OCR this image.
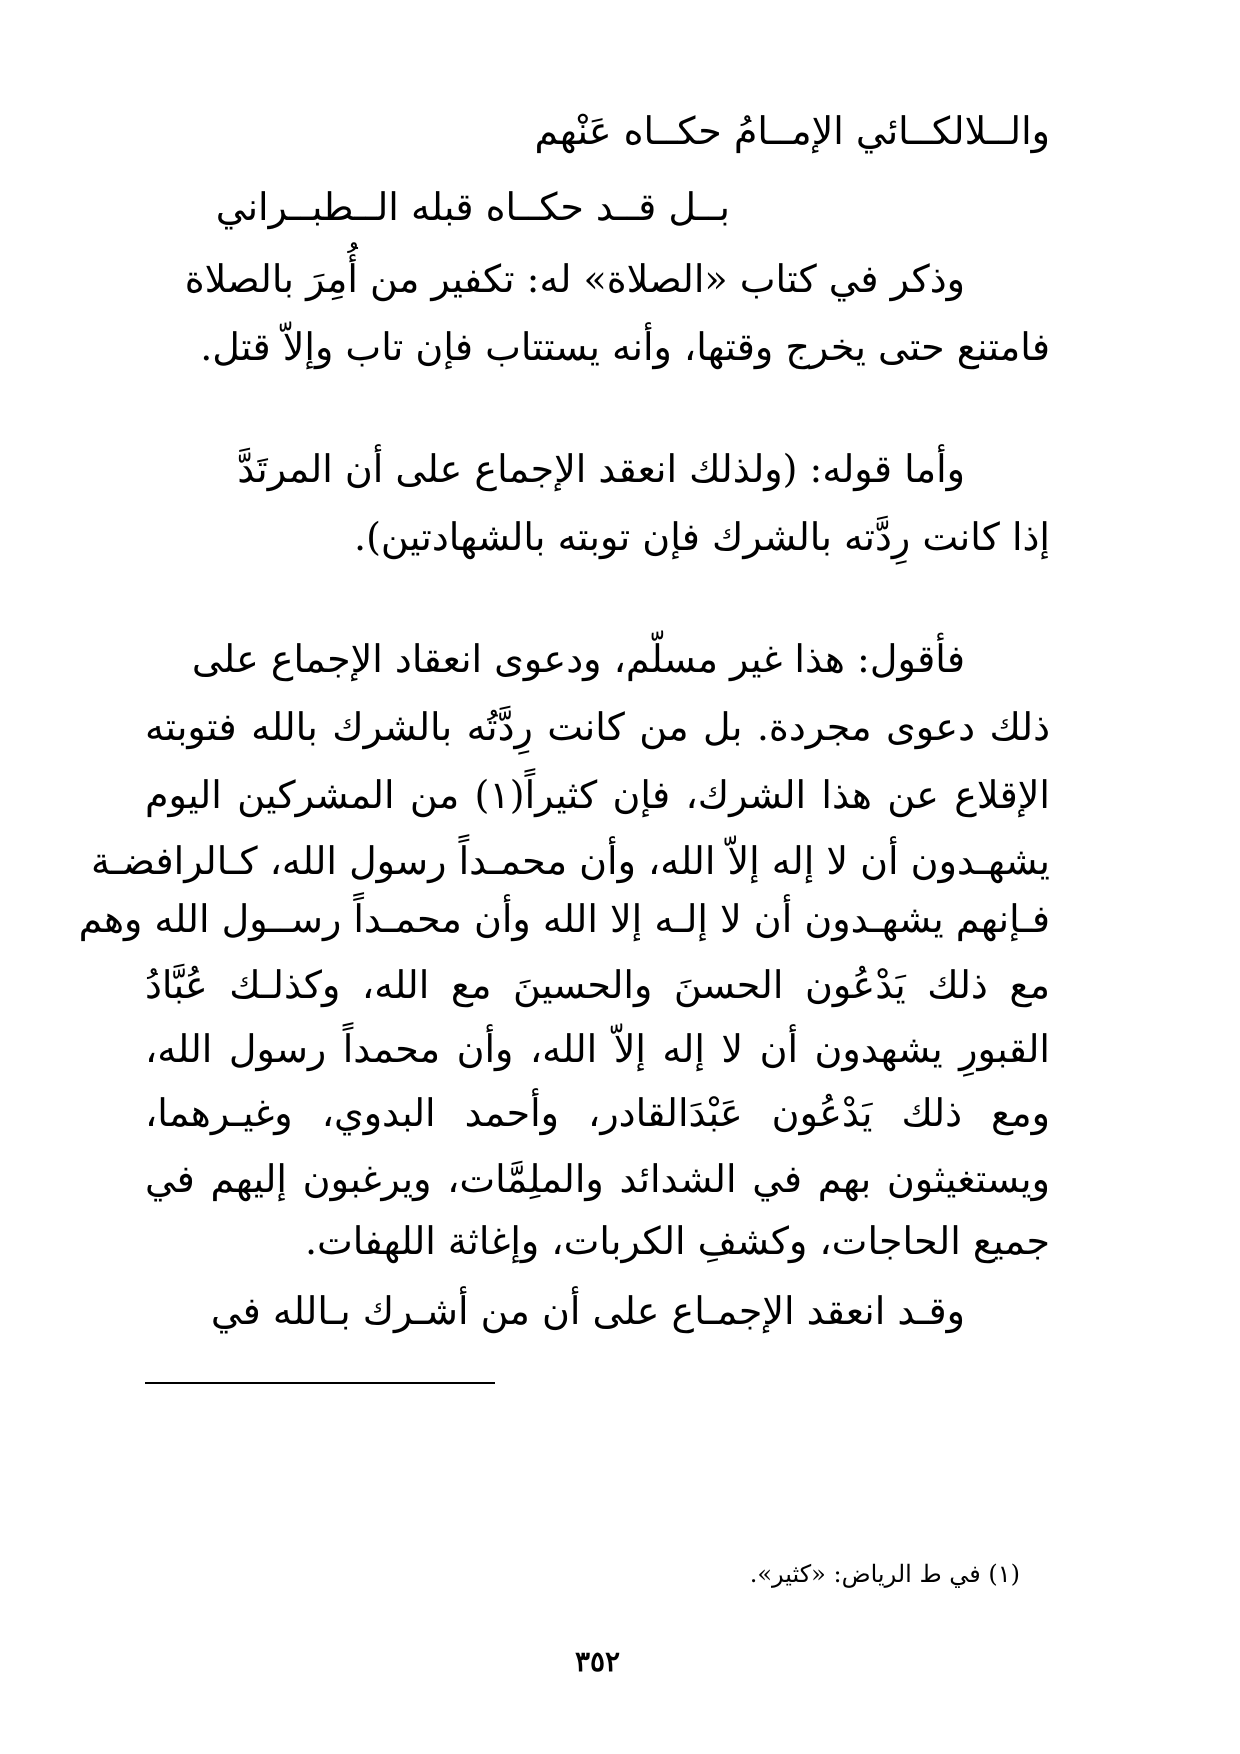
والــلالكــائي الإمــامُ حكــاه عَنْهم
بــل قــد حكــاه قبله الــطبــراني
وذكر في كتاب «الصلاة» له: تكفير من أُمِرَ بالصلاة
فامتنع حتى يخرج وقتها، وأنه يستتاب فإن تاب وإلاّ قتل.
وأما قوله: (ولذلك انعقد الإجماع على أن المرتَدَّ
إذا كانت رِدَّته بالشرك فإن توبته بالشهادتين).
فأقول: هذا غير مسلّم، ودعوى انعقاد الإجماع على
ذلك دعوى مجردة. بل من كانت رِدَّتُه بالشرك بالله فتوبته
الإقلاع عن هذا الشرك، فإن كثيراً(١) من المشركين اليوم
يشهـدون أن لا إله إلاّ الله، وأن محمـداً رسول الله، كـالرافضـة
فـإنهم يشهـدون أن لا إلـه إلا الله وأن محمـداً رســول الله وهم
مع ذلك يَدْعُون الحسنَ والحسينَ مع الله، وكذلـك عُبَّادُ
القبورِ يشهدون أن لا إله إلاّ الله، وأن محمداً رسول الله،
ومع ذلك يَدْعُون عَبْدَالقادر، وأحمد البدوي، وغيـرهما،
ويستغيثون بهم في الشدائد والملِمَّات، ويرغبون إليهم في
جميع الحاجات، وكشفِ الكربات، وإغاثة اللهفات.
وقـد انعقد الإجمـاع على أن من أشـرك بـالله في
(١) في ط الرياض: «كثير».
٣٥٢
